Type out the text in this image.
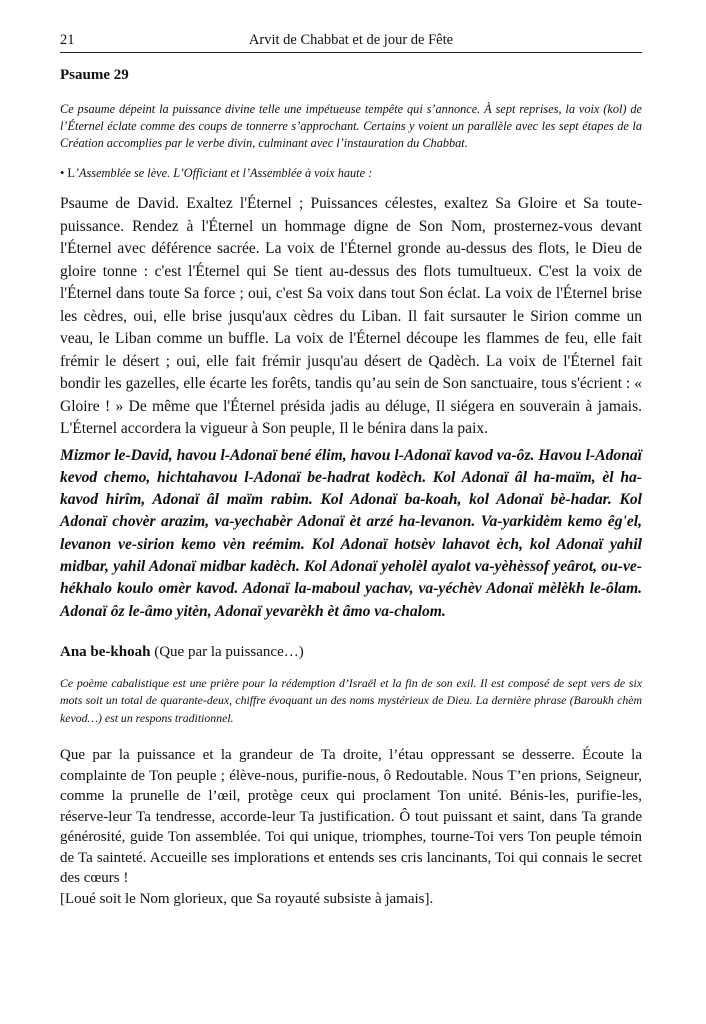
21	Arvit de Chabbat et de jour de Fête
Psaume 29

Ce psaume dépeint la puissance divine telle une impétueuse tempête qui s’annonce. À sept reprises, la voix (kol) de l’Éternel éclate comme des coups de tonnerre s’approchant. Certains y voient un parallèle avec les sept étapes de la Création accomplies par le verbe divin, culminant avec l’instauration du Chabbat.

• L’Assemblée se lève. L’Officiant et l’Assemblée à voix haute :

Psaume de David. Exaltez l'Éternel ; Puissances célestes, exaltez Sa Gloire et Sa toute-puissance. Rendez à l'Éternel un hommage digne de Son Nom, prosternez-vous devant l'Éternel avec déférence sacrée. La voix de l'Éternel gronde au-dessus des flots, le Dieu de gloire tonne : c'est l'Éternel qui Se tient au-dessus des flots tumultueux. C'est la voix de l'Éternel dans toute Sa force ; oui, c'est Sa voix dans tout Son éclat. La voix de l'Éternel brise les cèdres, oui, elle brise jusqu'aux cèdres du Liban. Il fait sursauter le Sirion comme un veau, le Liban comme un buffle. La voix de l'Éternel découpe les flammes de feu, elle fait frémir le désert ; oui, elle fait frémir jusqu'au désert de Qadèch. La voix de l'Éternel fait bondir les gazelles, elle écarte les forêts, tandis qu’au sein de Son sanctuaire, tous s'écrient : « Gloire ! » De même que l'Éternel présida jadis au déluge, Il siégera en souverain à jamais. L'Éternel accordera la vigueur à Son peuple, Il le bénira dans la paix.

Mizmor le-David, havou l-Adonaï bené élim, havou l-Adonaï kavod va-ôz. Havou l-Adonaï kevod chemo, hichtahavou l-Adonaï be-hadrat kodèch. Kol Adonaï âl ha-maïm, èl ha-kavod hirîm, Adonaï âl maïm rabim. Kol Adonaï ba-koah, kol Adonaï bè-hadar. Kol Adonaï chovèr arazim, va-yechabèr Adonaï èt arzé ha-levanon. Va-yarkidèm kemo êg'el, levanon ve-sirion kemo vèn reémim. Kol Adonaï hotsèv lahavot èch, kol Adonaï yahil midbar, yahil Adonaï midbar kadèch. Kol Adonaï yeholèl ayalot va-yèhèssof yeârot, ou-ve-hékhalo koulo omèr kavod. Adonaï la-maboul yachav, va-yéchèv Adonaï mèlèkh le-ôlam. Adonaï ôz le-âmo yitèn, Adonaï yevarèkh èt âmo va-chalom.

Ana be-khoah (Que par la puissance…)

Ce poème cabalistique est une prière pour la rédemption d’Israël et la fin de son exil. Il est composé de sept vers de six mots soit un total de quarante-deux, chiffre évoquant un des noms mystérieux de Dieu. La dernière phrase (Baroukh chèm kevod…) est un respons traditionnel.

Que par la puissance et la grandeur de Ta droite, l’étau oppressant se desserre. Écoute la complainte de Ton peuple ; élève-nous, purifie-nous, ô Redoutable. Nous T’en prions, Seigneur, comme la prunelle de l’œil, protège ceux qui proclament Ton unité. Bénis-les, purifie-les, réserve-leur Ta tendresse, accorde-leur Ta justification. Ô tout puissant et saint, dans Ta grande générosité, guide Ton assemblée. Toi qui unique, triomphes, tourne-Toi vers Ton peuple témoin de Ta sainteté. Accueille ses implorations et entends ses cris lancinants, Toi qui connais le secret des cœurs !
[Loué soit le Nom glorieux, que Sa royauté subsiste à jamais].
